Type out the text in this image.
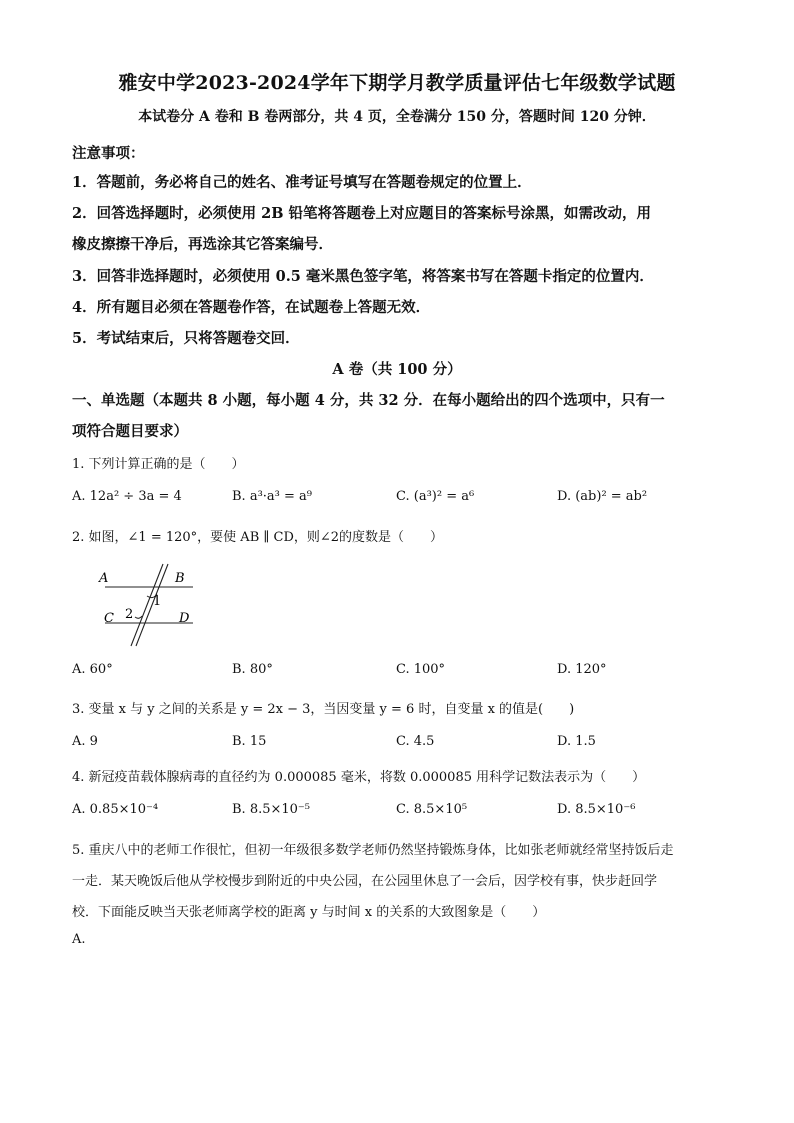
雅安中学2023-2024学年下期学月教学质量评估七年级数学试题
本试卷分 A 卷和 B 卷两部分，共 4 页，全卷满分 150 分，答题时间 120 分钟．
注意事项：
1．答题前，务必将自己的姓名、准考证号填写在答题卷规定的位置上．
2．回答选择题时，必须使用 2B 铅笔将答题卷上对应题目的答案标号涂黑，如需改动，用
橡皮擦擦干净后，再选涂其它答案编号．
3．回答非选择题时，必须使用 0.5 毫米黑色签字笔，将答案书写在答题卡指定的位置内．
4．所有题目必须在答题卷作答，在试题卷上答题无效．
5．考试结束后，只将答题卷交回．
A 卷（共 100 分）
一、单选题（本题共 8 小题，每小题 4 分，共 32 分．在每小题给出的四个选项中，只有一
项符合题目要求）
1. 下列计算正确的是（　　）
A. 12a² ÷ 3a = 4	B. a³·a³ = a⁹	C. (a³)² = a⁶	D. (ab)² = ab²
2. 如图，∠1 = 120°，要使 AB ∥ CD，则∠2的度数是（　　）
A	B
C	D
1
2
A. 60°	B. 80°	C. 100°	D. 120°
3. 变量 x 与 y 之间的关系是 y = 2x − 3，当因变量 y = 6 时，自变量 x 的值是(　　)
A. 9	B. 15	C. 4.5	D. 1.5
4. 新冠疫苗载体腺病毒的直径约为 0.000085 毫米，将数 0.000085 用科学记数法表示为（　　）
A. 0.85×10⁻⁴	B. 8.5×10⁻⁵	C. 8.5×10⁵	D. 8.5×10⁻⁶
5. 重庆八中的老师工作很忙，但初一年级很多数学老师仍然坚持锻炼身体，比如张老师就经常坚持饭后走
一走．某天晚饭后他从学校慢步到附近的中央公园，在公园里休息了一会后，因学校有事，快步赶回学
校．下面能反映当天张老师离学校的距离 y 与时间 x 的关系的大致图象是（　　）
A.
